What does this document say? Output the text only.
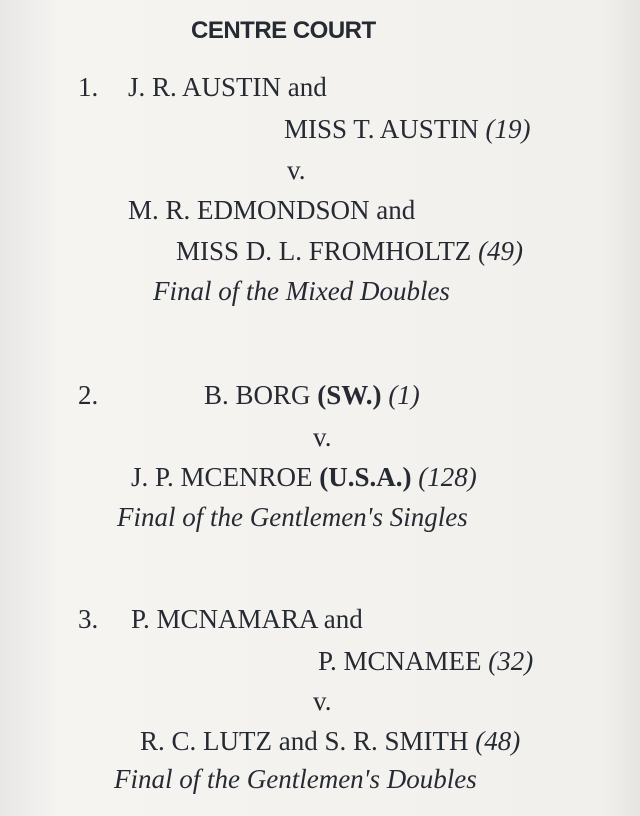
CENTRE COURT
1. J. R. AUSTIN and
MISS T. AUSTIN (19)
v.
M. R. EDMONDSON and
MISS D. L. FROMHOLTZ (49)
Final of the Mixed Doubles
2.	B. BORG (SW.) (1)
v.
J. P. MCENROE (U.S.A.) (128)
Final of the Gentlemen's Singles
3. P. MCNAMARA and
P. MCNAMEE (32)
v.
R. C. LUTZ and S. R. SMITH (48)
Final of the Gentlemen's Doubles
